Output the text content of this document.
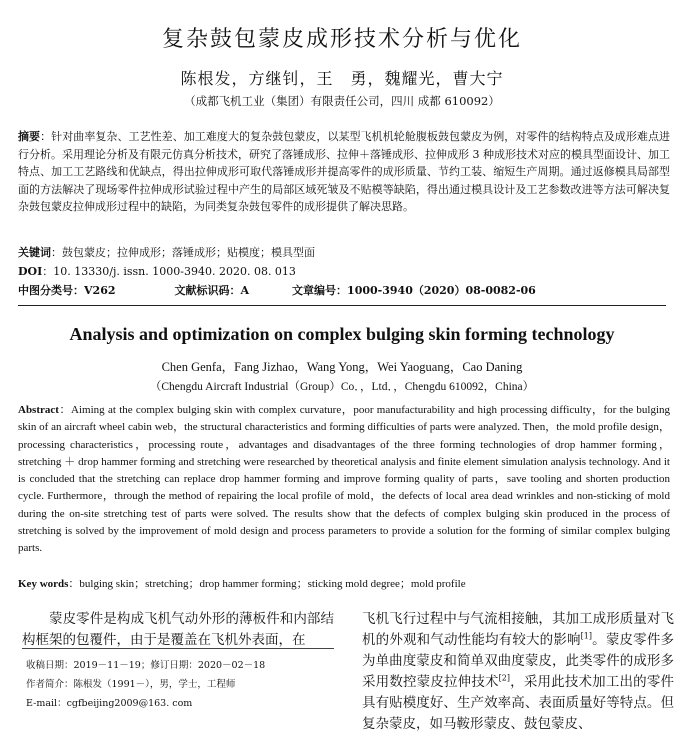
复杂鼓包蒙皮成形技术分析与优化
陈根发，方继钊，王　勇，魏耀光，曹大宁
（成都飞机工业（集团）有限责任公司，四川 成都 610092）
摘要：针对曲率复杂、工艺性差、加工难度大的复杂鼓包蒙皮，以某型飞机机轮舱腹板鼓包蒙皮为例，对零件的结构特点及成形难点进行分析。采用理论分析及有限元仿真分析技术，研究了落锤成形、拉伸＋落锤成形、拉伸成形 3 种成形技术对应的模具型面设计、加工特点、加工工艺路线和优缺点，得出拉伸成形可取代落锤成形并提高零件的成形质量、节约工装、缩短生产周期。通过返修模具局部型面的方法解决了现场零件拉伸成形试验过程中产生的局部区域死皱及不贴模等缺陷，得出通过模具设计及工艺参数改进等方法可解决复杂鼓包蒙皮拉伸成形过程中的缺陷，为同类复杂鼓包零件的成形提供了解决思路。
关键词：鼓包蒙皮；拉伸成形；落锤成形；贴模度；模具型面
DOI：10. 13330/j. issn. 1000-3940. 2020. 08. 013
中图分类号：V262	文献标识码：A	文章编号：1000-3940（2020）08-0082-06
Analysis and optimization on complex bulging skin forming technology
Chen Genfa，Fang Jizhao，Wang Yong，Wei Yaoguang，Cao Daning
（Chengdu Aircraft Industrial（Group）Co．，Ltd．，Chengdu 610092，China）
Abstract：Aiming at the complex bulging skin with complex curvature，poor manufacturability and high processing difficulty，for the bulging skin of an aircraft wheel cabin web，the structural characteristics and forming difficulties of parts were analyzed. Then，the mold profile design，processing characteristics，processing route，advantages and disadvantages of the three forming technologies of drop hammer forming，stretching ＋ drop hammer forming and stretching were researched by theoretical analysis and finite element simulation analysis technology. And it is concluded that the stretching can replace drop hammer forming and improve forming quality of parts，save tooling and shorten production cycle. Furthermore，through the method of repairing the local profile of mold，the defects of local area dead wrinkles and non-sticking of mold during the on-site stretching test of parts were solved. The results show that the defects of complex bulging skin produced in the process of stretching is solved by the improvement of mold design and process parameters to provide a solution for the forming of similar complex bulging parts.
Key words：bulging skin；stretching；drop hammer forming；sticking mold degree；mold profile
蒙皮零件是构成飞机气动外形的薄板件和内部结构框架的包覆件，由于是覆盖在飞机外表面，在
飞机飞行过程中与气流相接触，其加工成形质量对飞机的外观和气动性能均有较大的影响[1]。蒙皮零件多为单曲度蒙皮和简单双曲度蒙皮，此类零件的成形多采用数控蒙皮拉伸技术[2]，采用此技术加工出的零件具有贴模度好、生产效率高、表面质量好等特点。但复杂蒙皮，如马鞍形蒙皮、鼓包蒙皮、
收稿日期：2019－11－19；修订日期：2020－02－18
作者简介：陈根发（1991－），男，学士，工程师
E-mail：cgfbeijing2009@163. com
